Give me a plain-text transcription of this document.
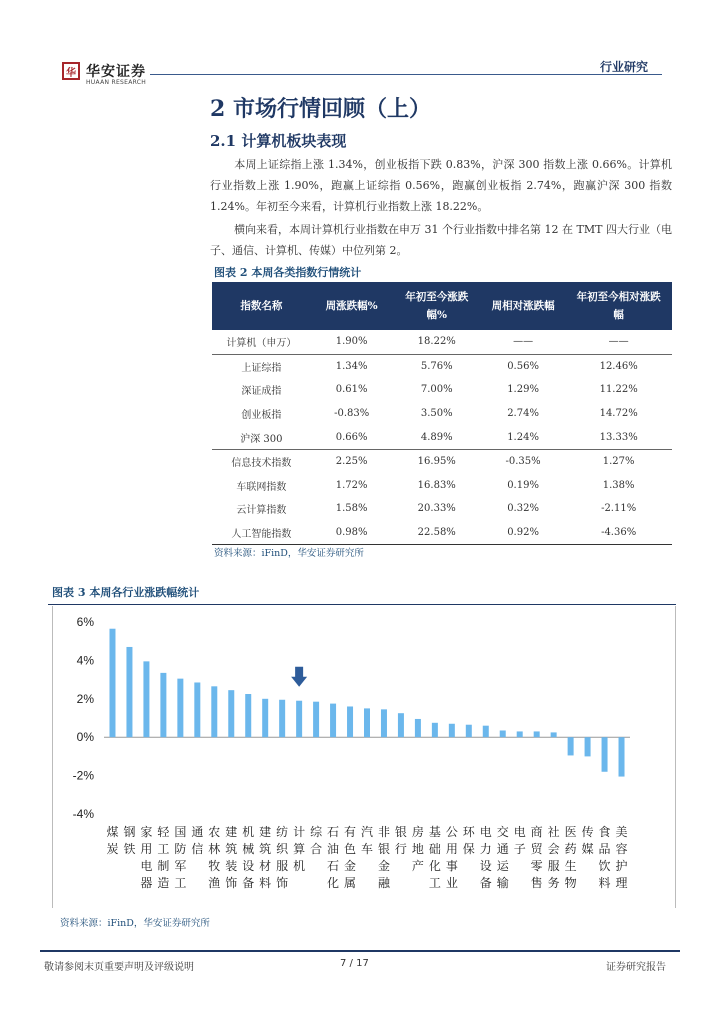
华 华安证券
HUAAN RESEARCH
行业研究
2 市场行情回顾（上）
2.1 计算机板块表现
本周上证综指上涨 1.34%，创业板指下跌 0.83%，沪深 300 指数上涨 0.66%。计算机行业指数上涨 1.90%，跑赢上证综指 0.56%，跑赢创业板指 2.74%，跑赢沪深 300 指数 1.24%。年初至今来看，计算机行业指数上涨 18.22%。
横向来看，本周计算机行业指数在申万 31 个行业指数中排名第 12 在 TMT 四大行业（电子、通信、计算机、传媒）中位列第 2。
图表 2 本周各类指数行情统计
指数名称	周涨跌幅%	年初至今涨跌幅%	周相对涨跌幅	年初至今相对涨跌幅
计算机（申万）	1.90%	18.22%	——	——
上证综指	1.34%	5.76%	0.56%	12.46%
深证成指	0.61%	7.00%	1.29%	11.22%
创业板指	-0.83%	3.50%	2.74%	14.72%
沪深 300	0.66%	4.89%	1.24%	13.33%
信息技术指数	2.25%	16.95%	-0.35%	1.27%
车联网指数	1.72%	16.83%	0.19%	1.38%
云计算指数	1.58%	20.33%	0.32%	-2.11%
人工智能指数	0.98%	22.58%	0.92%	-4.36%
资料来源：iFinD，华安证券研究所
图表 3 本周各行业涨跌幅统计
6%
4%
2%
0%
-2%
-4%
煤炭
钢铁
家用电器
轻工制造
国防军工
通信
农林牧渔
建筑装饰
机械设备
建筑材料
纺织服饰
计算机
综合
石油石化
有色金属
汽车
非银金融
银行
房地产
基础化工
公用事业
环保
电力设备
交通运输
电子
商贸零售
社会服务
医药生物
传媒
食品饮料
美容护理
资料来源：iFinD，华安证券研究所
敬请参阅末页重要声明及评级说明	7 / 17	证券研究报告
